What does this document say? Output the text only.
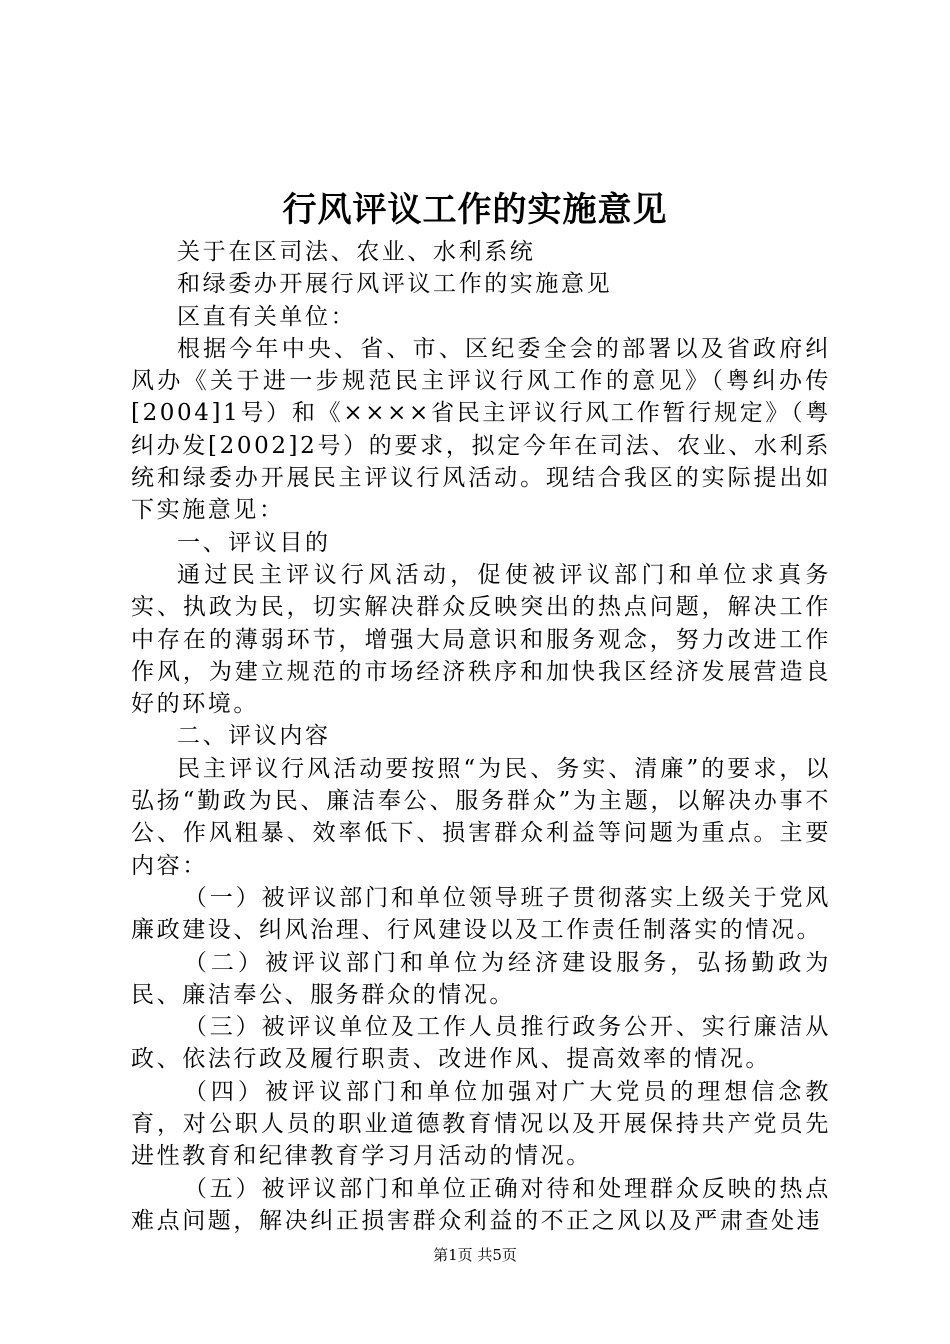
行风评议工作的实施意见

关于在区司法、农业、水利系统

和绿委办开展行风评议工作的实施意见

区直有关单位：

根据今年中央、省、市、区纪委全会的部署以及省政府纠风办《关于进一步规范民主评议行风工作的意见》（粤纠办传[2004]1号）和《××××省民主评议行风工作暂行规定》（粤纠办发[2002]2号）的要求，拟定今年在司法、农业、水利系统和绿委办开展民主评议行风活动。现结合我区的实际提出如下实施意见：

一、评议目的

通过民主评议行风活动，促使被评议部门和单位求真务实、执政为民，切实解决群众反映突出的热点问题，解决工作中存在的薄弱环节，增强大局意识和服务观念，努力改进工作作风，为建立规范的市场经济秩序和加快我区经济发展营造良好的环境。

二、评议内容

民主评议行风活动要按照“为民、务实、清廉”的要求，以弘扬“勤政为民、廉洁奉公、服务群众”为主题，以解决办事不公、作风粗暴、效率低下、损害群众利益等问题为重点。主要内容：

（一）被评议部门和单位领导班子贯彻落实上级关于党风廉政建设、纠风治理、行风建设以及工作责任制落实的情况。

（二）被评议部门和单位为经济建设服务，弘扬勤政为民、廉洁奉公、服务群众的情况。

（三）被评议单位及工作人员推行政务公开、实行廉洁从政、依法行政及履行职责、改进作风、提高效率的情况。

（四）被评议部门和单位加强对广大党员的理想信念教育，对公职人员的职业道德教育情况以及开展保持共产党员先进性教育和纪律教育学习月活动的情况。

（五）被评议部门和单位正确对待和处理群众反映的热点难点问题，解决纠正损害群众利益的不正之风以及严肃查处违

第1页 共5页
